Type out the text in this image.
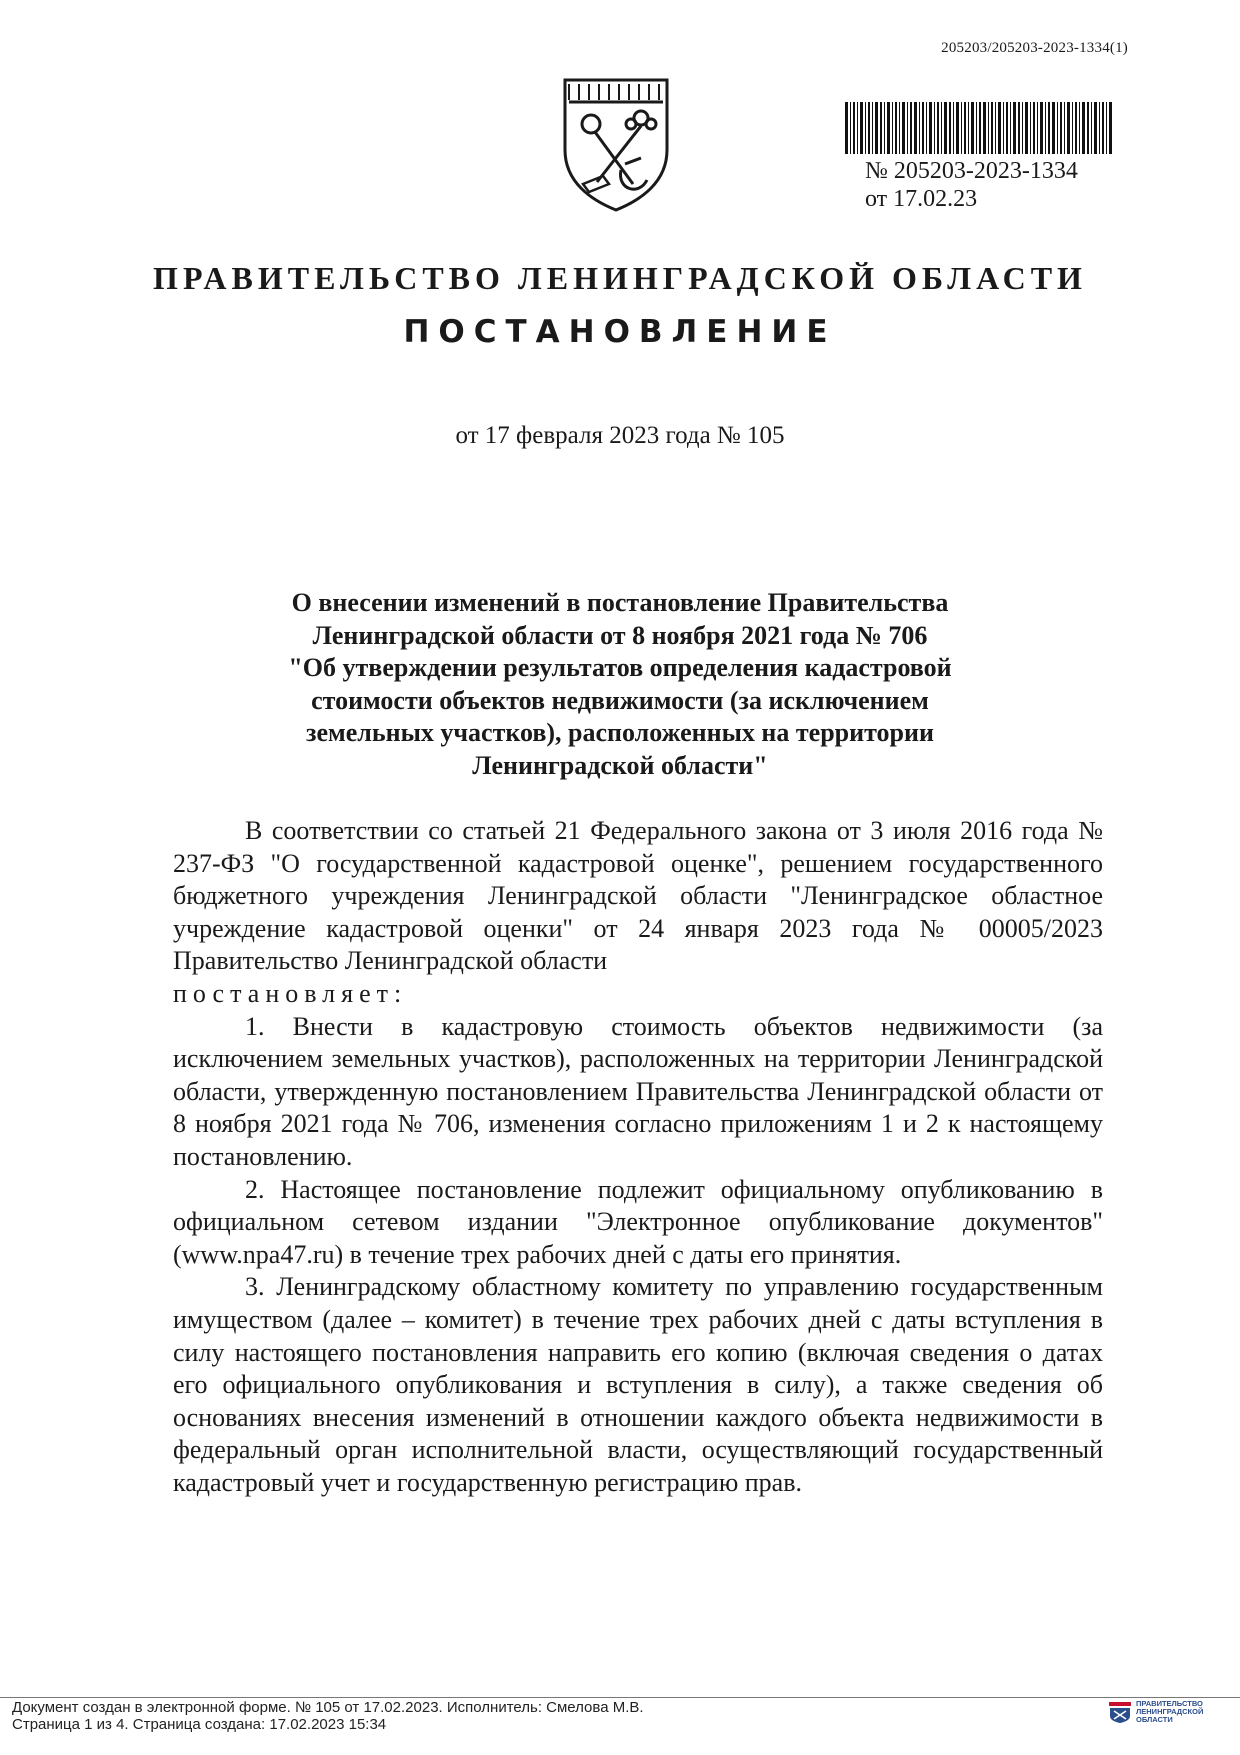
205203/205203-2023-1334(1)
№ 205203-2023-1334
от 17.02.23
ПРАВИТЕЛЬСТВО ЛЕНИНГРАДСКОЙ ОБЛАСТИ
ПОСТАНОВЛЕНИЕ
от 17 февраля 2023 года № 105
О внесении изменений в постановление Правительства
Ленинградской области от 8 ноября 2021 года № 706
"Об утверждении результатов определения кадастровой
стоимости объектов недвижимости (за исключением
земельных участков), расположенных на территории
Ленинградской области"

В соответствии со статьей 21 Федерального закона от 3 июля 2016 года № 237-ФЗ "О государственной кадастровой оценке", решением государственного бюджетного учреждения Ленинградской области "Ленинградское областное учреждение кадастровой оценки" от 24 января 2023 года № 00005/2023 Правительство Ленинградской области

постановляет:

1. Внести в кадастровую стоимость объектов недвижимости (за исключением земельных участков), расположенных на территории Ленинградской области, утвержденную постановлением Правительства Ленинградской области от 8 ноября 2021 года № 706, изменения согласно приложениям 1 и 2 к настоящему постановлению.

2. Настоящее постановление подлежит официальному опубликованию в официальном сетевом издании "Электронное опубликование документов" (www.npa47.ru) в течение трех рабочих дней с даты его принятия.

3. Ленинградскому областному комитету по управлению государственным имуществом (далее – комитет) в течение трех рабочих дней с даты вступления в силу настоящего постановления направить его копию (включая сведения о датах его официального опубликования и вступления в силу), а также сведения об основаниях внесения изменений в отношении каждого объекта недвижимости в федеральный орган исполнительной власти, осуществляющий государственный кадастровый учет и государственную регистрацию прав.

Документ создан в электронной форме. № 105 от 17.02.2023. Исполнитель: Смелова М.В.
Страница 1 из 4. Страница создана: 17.02.2023 15:34
ПРАВИТЕЛЬСТВО
ЛЕНИНГРАДСКОЙ
ОБЛАСТИ
